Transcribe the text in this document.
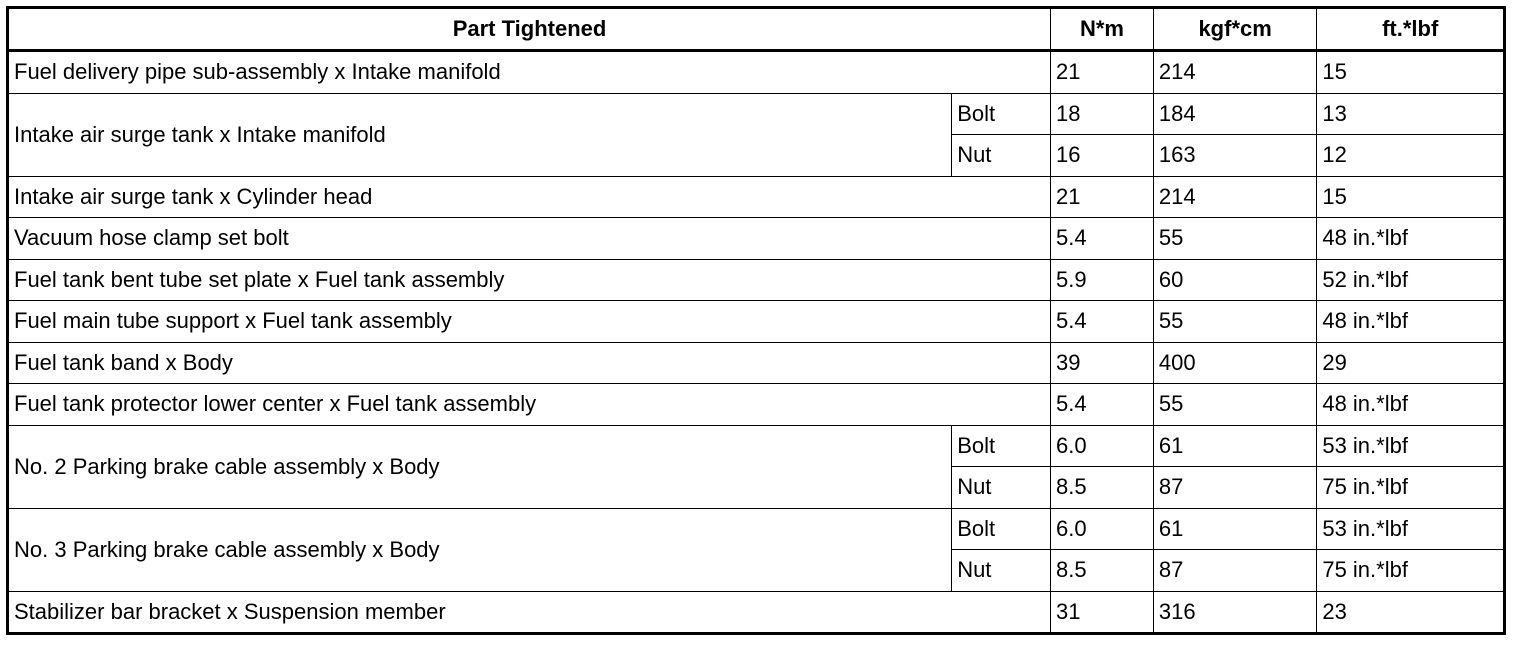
Part Tightened		N*m	kgf*cm	ft.*lbf
Fuel delivery pipe sub-assembly x Intake manifold		21	214	15
Intake air surge tank x Intake manifold	Bolt	18	184	13
	Nut	16	163	12
Intake air surge tank x Cylinder head		21	214	15
Vacuum hose clamp set bolt		5.4	55	48 in.*lbf
Fuel tank bent tube set plate x Fuel tank assembly		5.9	60	52 in.*lbf
Fuel main tube support x Fuel tank assembly		5.4	55	48 in.*lbf
Fuel tank band x Body		39	400	29
Fuel tank protector lower center x Fuel tank assembly		5.4	55	48 in.*lbf
No. 2 Parking brake cable assembly x Body	Bolt	6.0	61	53 in.*lbf
	Nut	8.5	87	75 in.*lbf
No. 3 Parking brake cable assembly x Body	Bolt	6.0	61	53 in.*lbf
	Nut	8.5	87	75 in.*lbf
Stabilizer bar bracket x Suspension member		31	316	23
